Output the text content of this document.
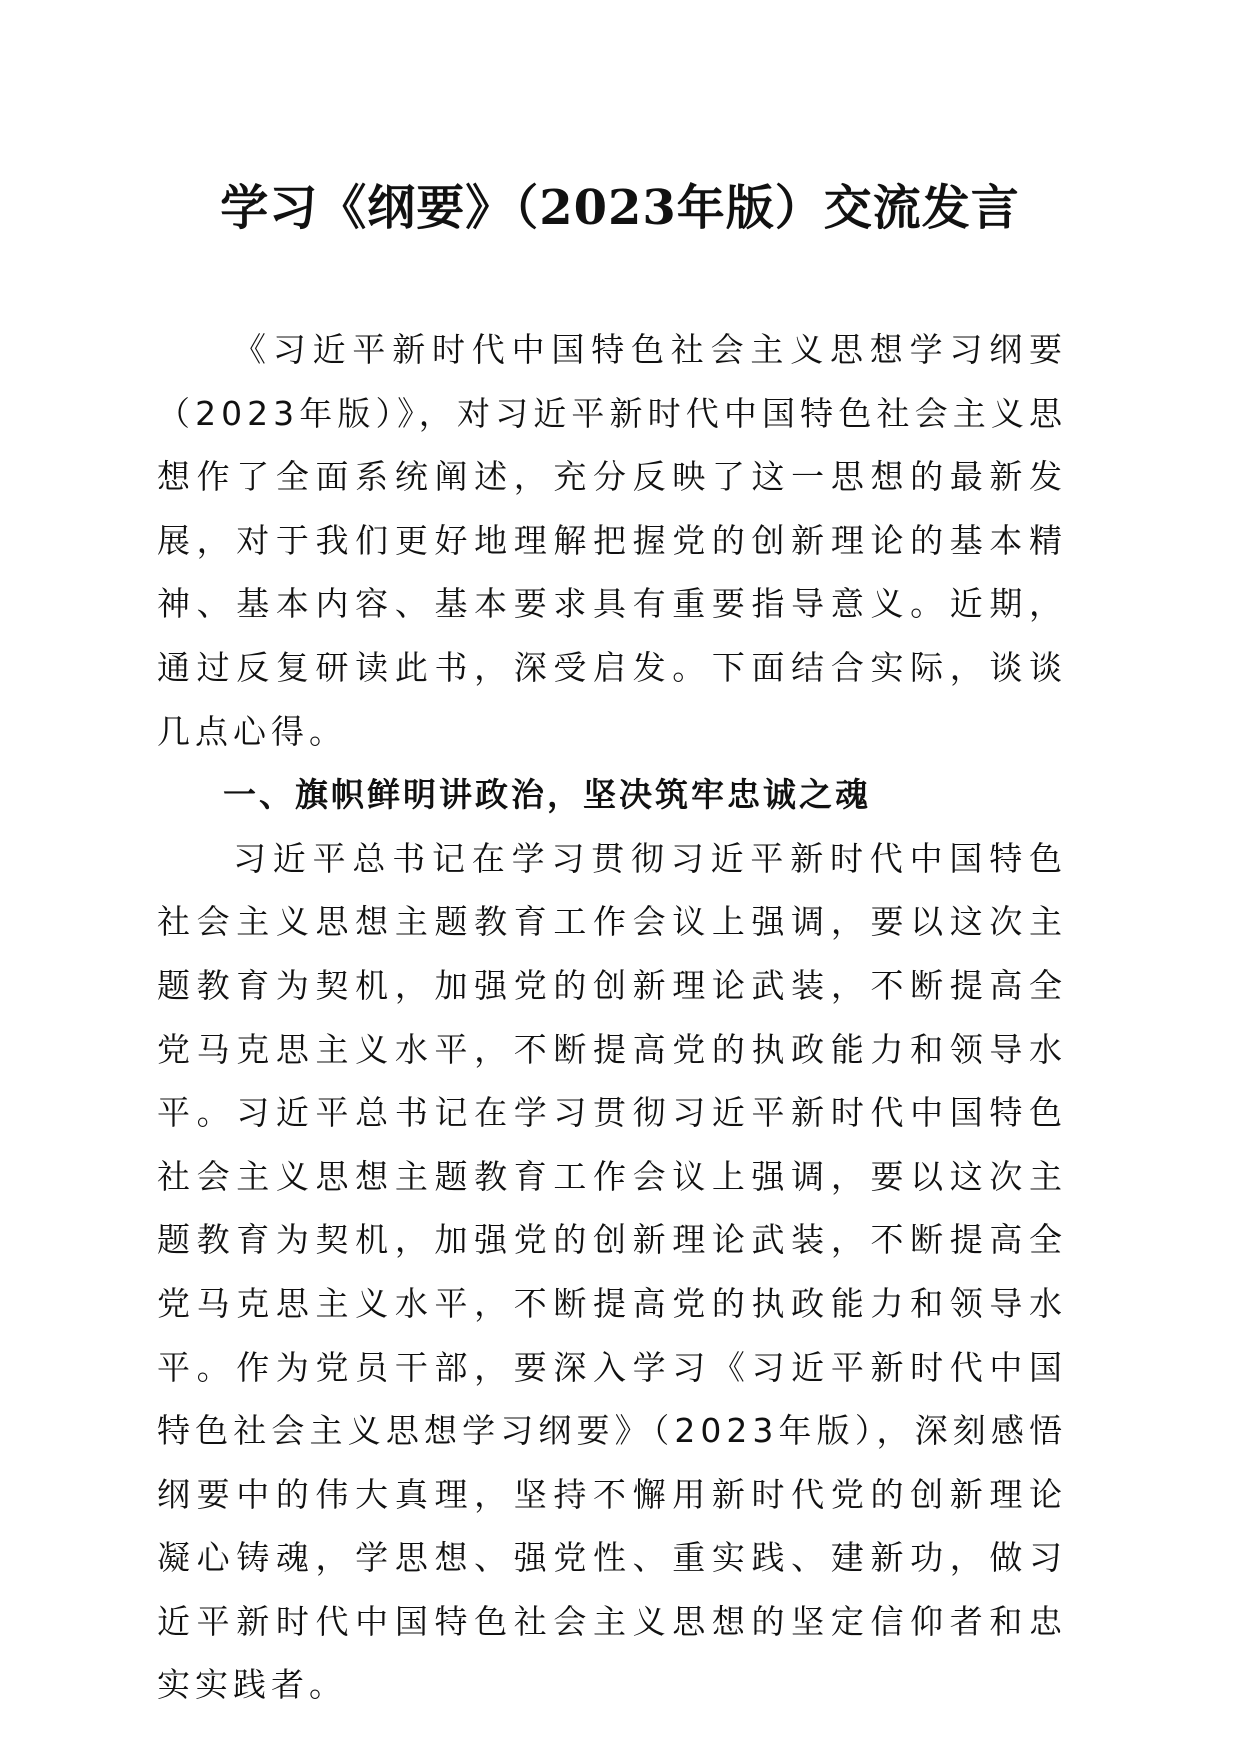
学习《纲要》（2023年版）交流发言

《习近平新时代中国特色社会主义思想学习纲要（2023年版）》，对习近平新时代中国特色社会主义思想作了全面系统阐述，充分反映了这一思想的最新发展，对于我们更好地理解把握党的创新理论的基本精神、基本内容、基本要求具有重要指导意义。近期，通过反复研读此书，深受启发。下面结合实际，谈谈几点心得。

一、旗帜鲜明讲政治，坚决筑牢忠诚之魂

习近平总书记在学习贯彻习近平新时代中国特色社会主义思想主题教育工作会议上强调，要以这次主题教育为契机，加强党的创新理论武装，不断提高全党马克思主义水平，不断提高党的执政能力和领导水平。习近平总书记在学习贯彻习近平新时代中国特色社会主义思想主题教育工作会议上强调，要以这次主题教育为契机，加强党的创新理论武装，不断提高全党马克思主义水平，不断提高党的执政能力和领导水平。作为党员干部，要深入学习《习近平新时代中国特色社会主义思想学习纲要》（2023年版），深刻感悟纲要中的伟大真理，坚持不懈用新时代党的创新理论凝心铸魂，学思想、强党性、重实践、建新功，做习近平新时代中国特色社会主义思想的坚定信仰者和忠实实践者。
